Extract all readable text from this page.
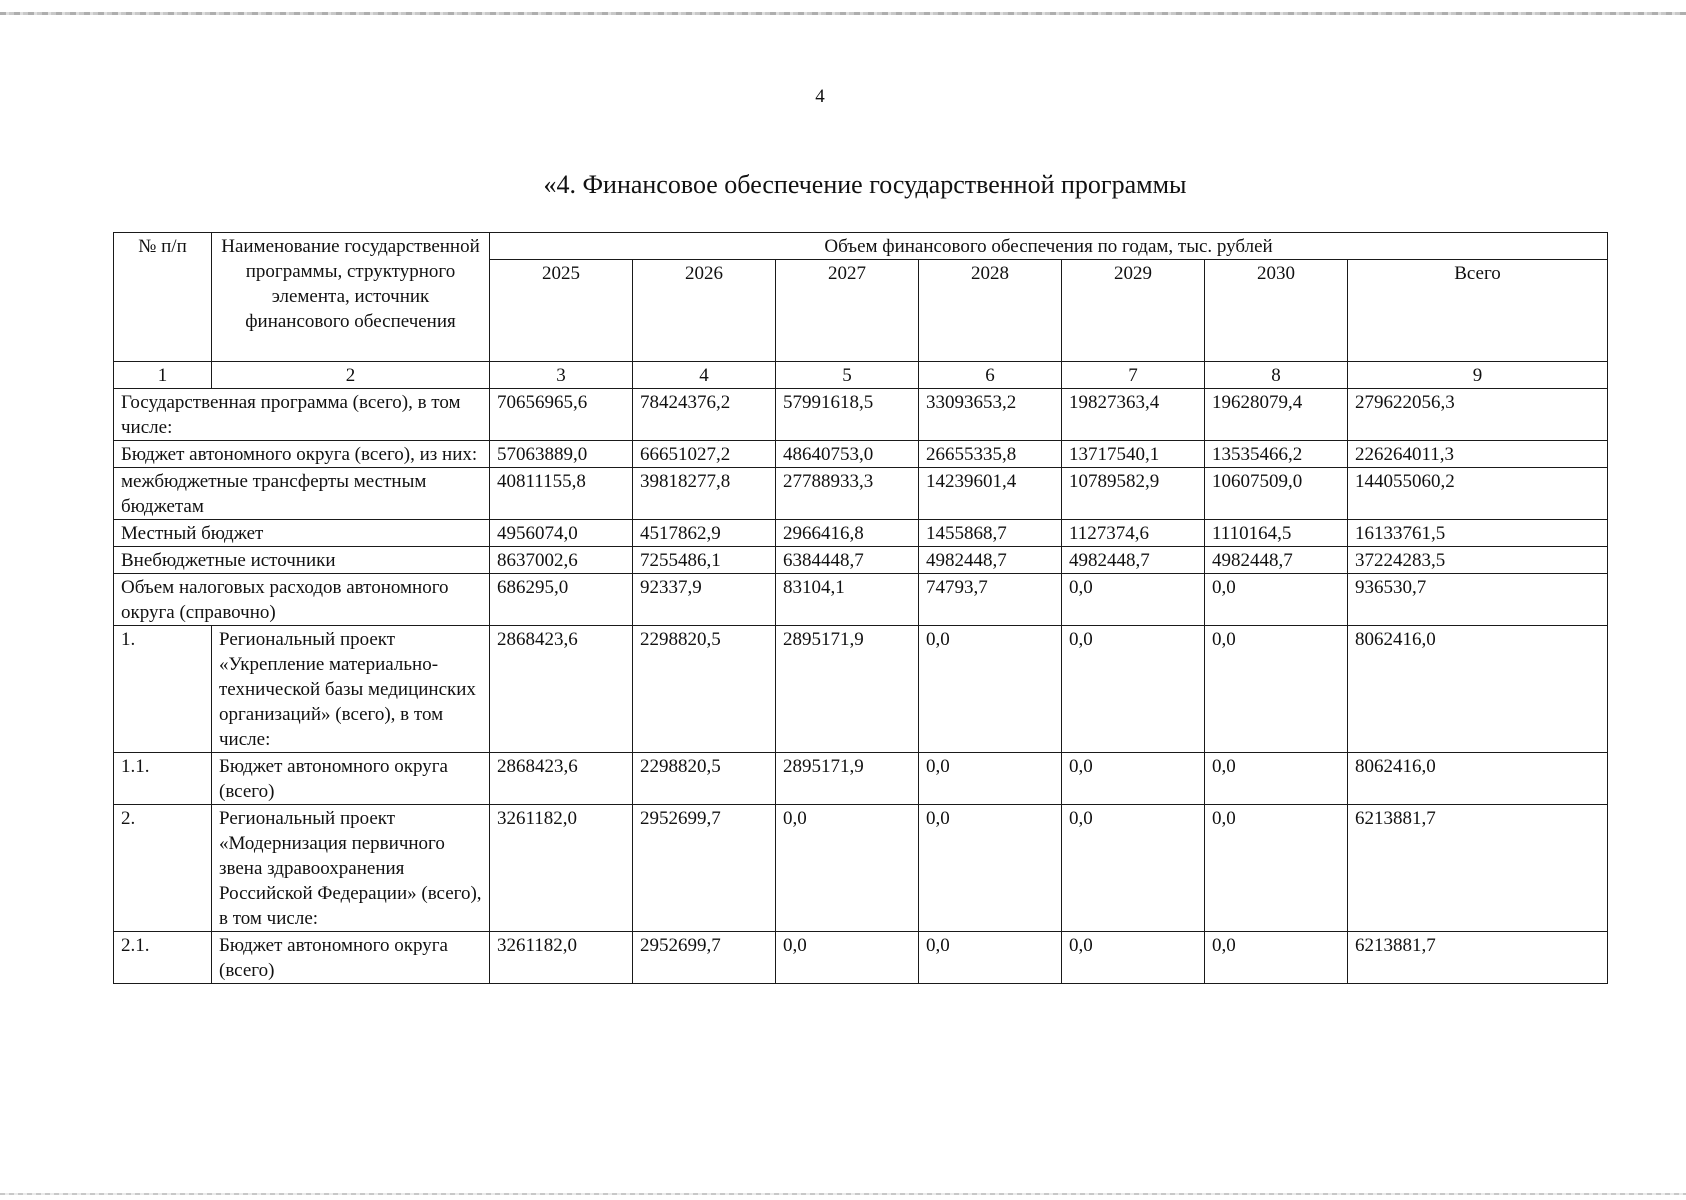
4
«4. Финансовое обеспечение государственной программы
№ п/п	Наименование государственной программы, структурного элемента, источник финансового обеспечения	Объем финансового обеспечения по годам, тыс. рублей						
		2025	2026	2027	2028	2029	2030	Всего
1	2	3	4	5	6	7	8	9
Государственная программа (всего), в том числе:		70656965,6	78424376,2	57991618,5	33093653,2	19827363,4	19628079,4	279622056,3
Бюджет автономного округа (всего), из них:		57063889,0	66651027,2	48640753,0	26655335,8	13717540,1	13535466,2	226264011,3
межбюджетные трансферты местным бюджетам		40811155,8	39818277,8	27788933,3	14239601,4	10789582,9	10607509,0	144055060,2
Местный бюджет		4956074,0	4517862,9	2966416,8	1455868,7	1127374,6	1110164,5	16133761,5
Внебюджетные источники		8637002,6	7255486,1	6384448,7	4982448,7	4982448,7	4982448,7	37224283,5
Объем налоговых расходов автономного округа (справочно)		686295,0	92337,9	83104,1	74793,7	0,0	0,0	936530,7
1.	Региональный проект «Укрепление материально-технической базы медицинских организаций» (всего), в том числе:	2868423,6	2298820,5	2895171,9	0,0	0,0	0,0	8062416,0
1.1.	Бюджет автономного округа (всего)	2868423,6	2298820,5	2895171,9	0,0	0,0	0,0	8062416,0
2.	Региональный проект «Модернизация первичного звена здравоохранения Российской Федерации» (всего), в том числе:	3261182,0	2952699,7	0,0	0,0	0,0	0,0	6213881,7
2.1.	Бюджет автономного округа (всего)	3261182,0	2952699,7	0,0	0,0	0,0	0,0	6213881,7
